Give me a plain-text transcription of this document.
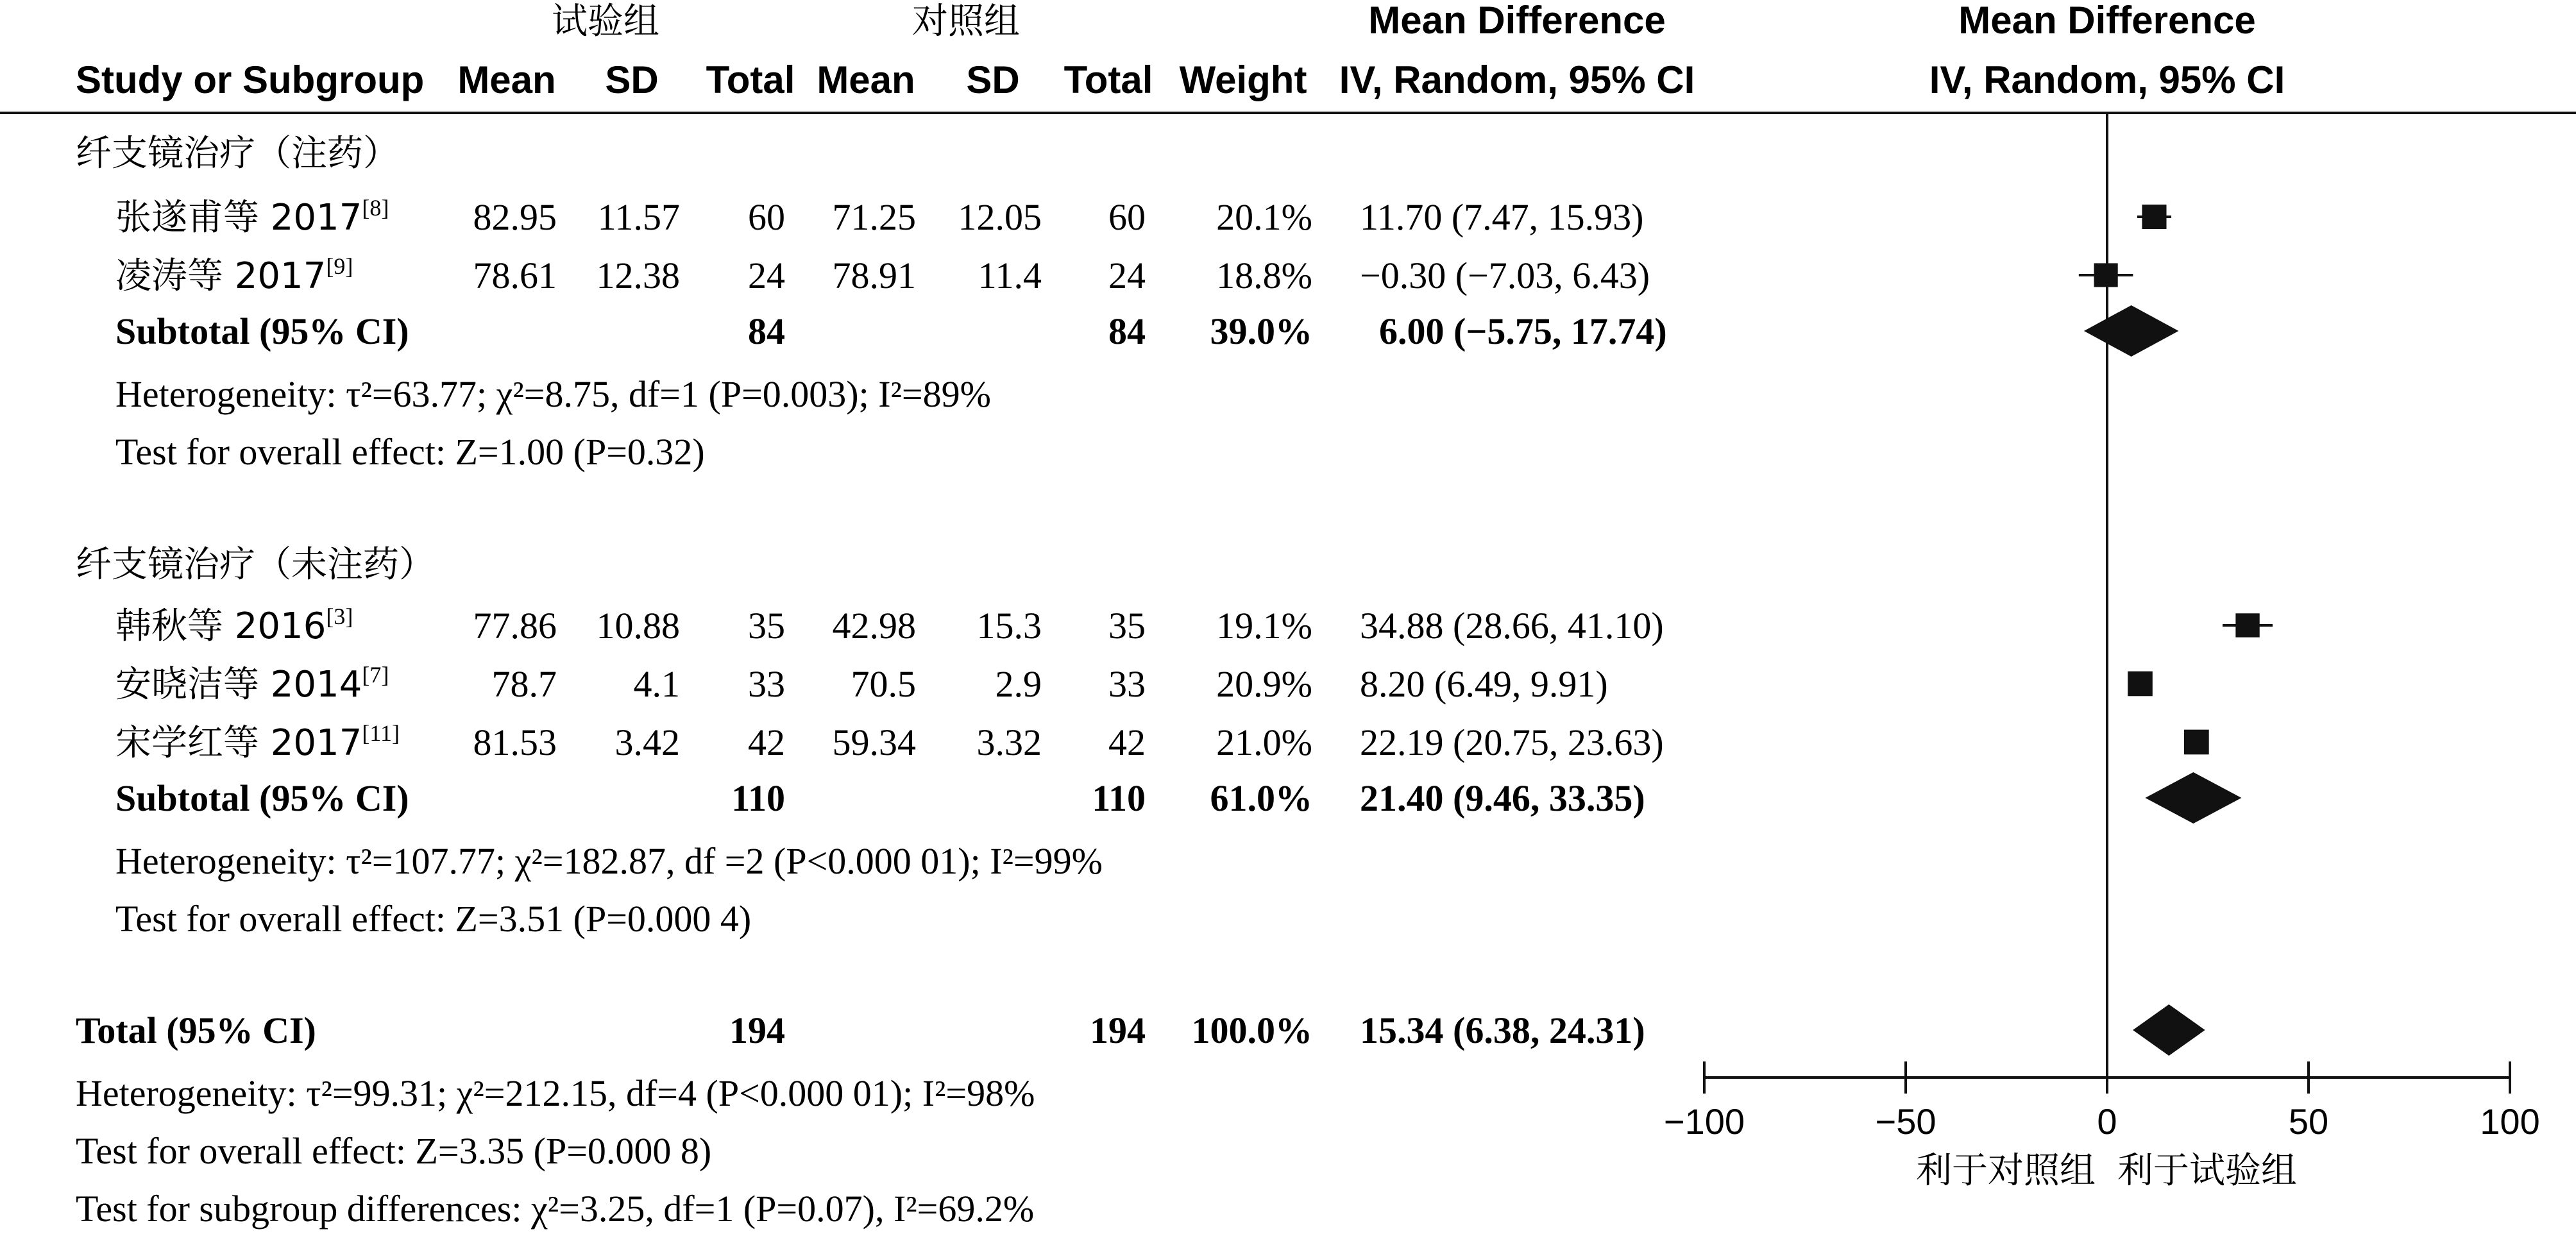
试验组	对照组	Mean Difference	Mean Difference
Study or Subgroup Mean SD Total Mean SD Total Weight IV, Random, 95% CI	IV, Random, 95% CI
纤支镜治疗（注药）
张遂甫等 2017[8] 82.95 11.57 60 71.25 12.05 60 20.1% 11.70 (7.47, 15.93)
凌涛等 2017[9]	78.61 12.38 24 78.91 11.4 24 18.8% −0.30 (−7.03, 6.43)
Subtotal (95% CI)	84	84 39.0% 6.00 (−5.75, 17.74)
Heterogeneity: τ²=63.77; χ²=8.75, df=1 (P=0.003); I²=89%
Test for overall effect: Z=1.00 (P=0.32)
纤支镜治疗（未注药）
韩秋等 2016[3]	77.86 10.88 35 42.98 15.3 35 19.1% 34.88 (28.66, 41.10)
安晓洁等 2014[7]	78.7 4.1 33 70.5 2.9 33 20.9% 8.20 (6.49, 9.91)
宋学红等 2017[11] 81.53 3.42 42 59.34 3.32 42 21.0% 22.19 (20.75, 23.63)
Subtotal (95% CI)	110	110 61.0% 21.40 (9.46, 33.35)
Heterogeneity: τ²=107.77; χ²=182.87, df =2 (P<0.000 01); I²=99%
Test for overall effect: Z=3.51 (P=0.000 4)
Total (95% CI)	194	194 100.0% 15.34 (6.38, 24.31)
Heterogeneity: τ²=99.31; χ²=212.15, df=4 (P<0.000 01); I²=98%
Test for overall effect: Z=3.35 (P=0.000 8)
Test for subgroup differences: χ²=3.25, df=1 (P=0.07), I²=69.2%
−100	−50	0	50	100
利于对照组 利于试验组
